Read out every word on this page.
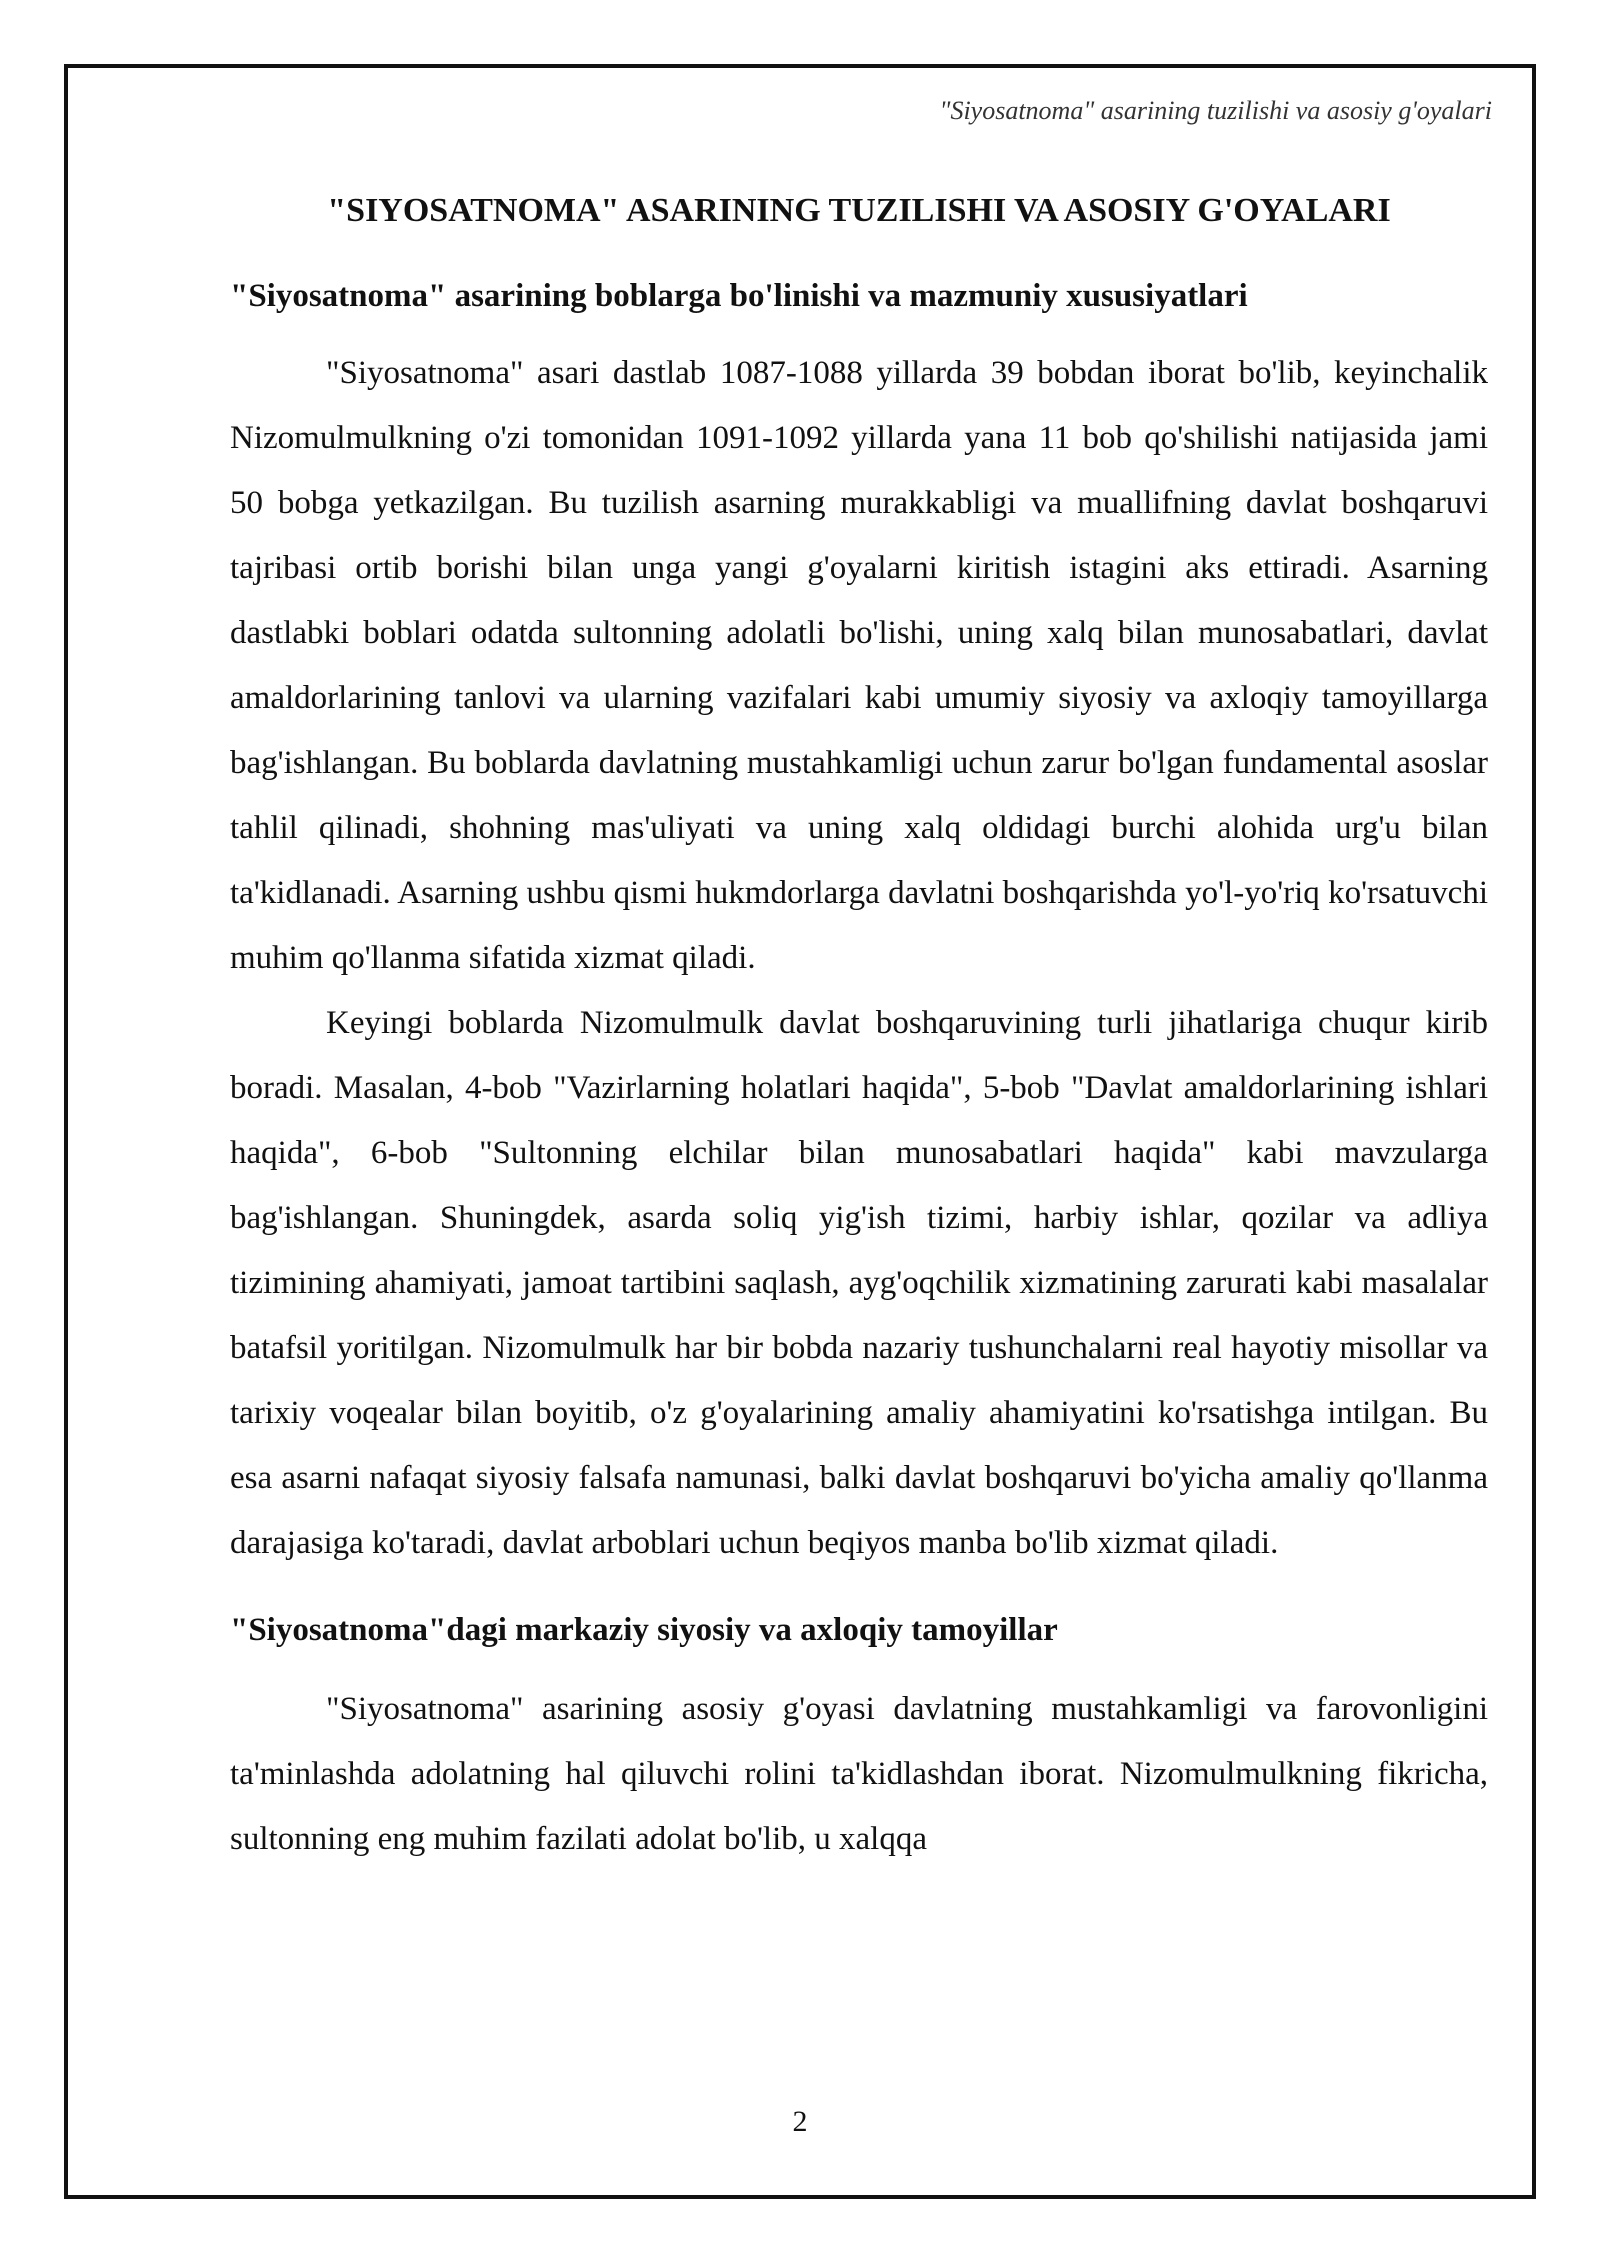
"Siyosatnoma" asarining tuzilishi va asosiy g'oyalari
"SIYOSATNOMA" ASARINING TUZILISHI VA ASOSIY G'OYALARI
"Siyosatnoma" asarining boblarga bo'linishi va mazmuniy xususiyatlari

"Siyosatnoma" asari dastlab 1087-1088 yillarda 39 bobdan iborat bo'lib, keyinchalik Nizomulmulkning o'zi tomonidan 1091-1092 yillarda yana 11 bob qo'shilishi natijasida jami 50 bobga yetkazilgan. Bu tuzilish asarning murakkabligi va muallifning davlat boshqaruvi tajribasi ortib borishi bilan unga yangi g'oyalarni kiritish istagini aks ettiradi. Asarning dastlabki boblari odatda sultonning adolatli bo'lishi, uning xalq bilan munosabatlari, davlat amaldorlarining tanlovi va ularning vazifalari kabi umumiy siyosiy va axloqiy tamoyillarga bag'ishlangan. Bu boblarda davlatning mustahkamligi uchun zarur bo'lgan fundamental asoslar tahlil qilinadi, shohning mas'uliyati va uning xalq oldidagi burchi alohida urg'u bilan ta'kidlanadi. Asarning ushbu qismi hukmdorlarga davlatni boshqarishda yo'l-yo'riq ko'rsatuvchi muhim qo'llanma sifatida xizmat qiladi.

Keyingi boblarda Nizomulmulk davlat boshqaruvining turli jihatlariga chuqur kirib boradi. Masalan, 4-bob "Vazirlarning holatlari haqida", 5-bob "Davlat amaldorlarining ishlari haqida", 6-bob "Sultonning elchilar bilan munosabatlari haqida" kabi mavzularga bag'ishlangan. Shuningdek, asarda soliq yig'ish tizimi, harbiy ishlar, qozilar va adliya tizimining ahamiyati, jamoat tartibini saqlash, ayg'oqchilik xizmatining zarurati kabi masalalar batafsil yoritilgan. Nizomulmulk har bir bobda nazariy tushunchalarni real hayotiy misollar va tarixiy voqealar bilan boyitib, o'z g'oyalarining amaliy ahamiyatini ko'rsatishga intilgan. Bu esa asarni nafaqat siyosiy falsafa namunasi, balki davlat boshqaruvi bo'yicha amaliy qo'llanma darajasiga ko'taradi, davlat arboblari uchun beqiyos manba bo'lib xizmat qiladi.

"Siyosatnoma"dagi markaziy siyosiy va axloqiy tamoyillar

"Siyosatnoma" asarining asosiy g'oyasi davlatning mustahkamligi va farovonligini ta'minlashda adolatning hal qiluvchi rolini ta'kidlashdan iborat. Nizomulmulkning fikricha, sultonning eng muhim fazilati adolat bo'lib, u xalqqa

2
